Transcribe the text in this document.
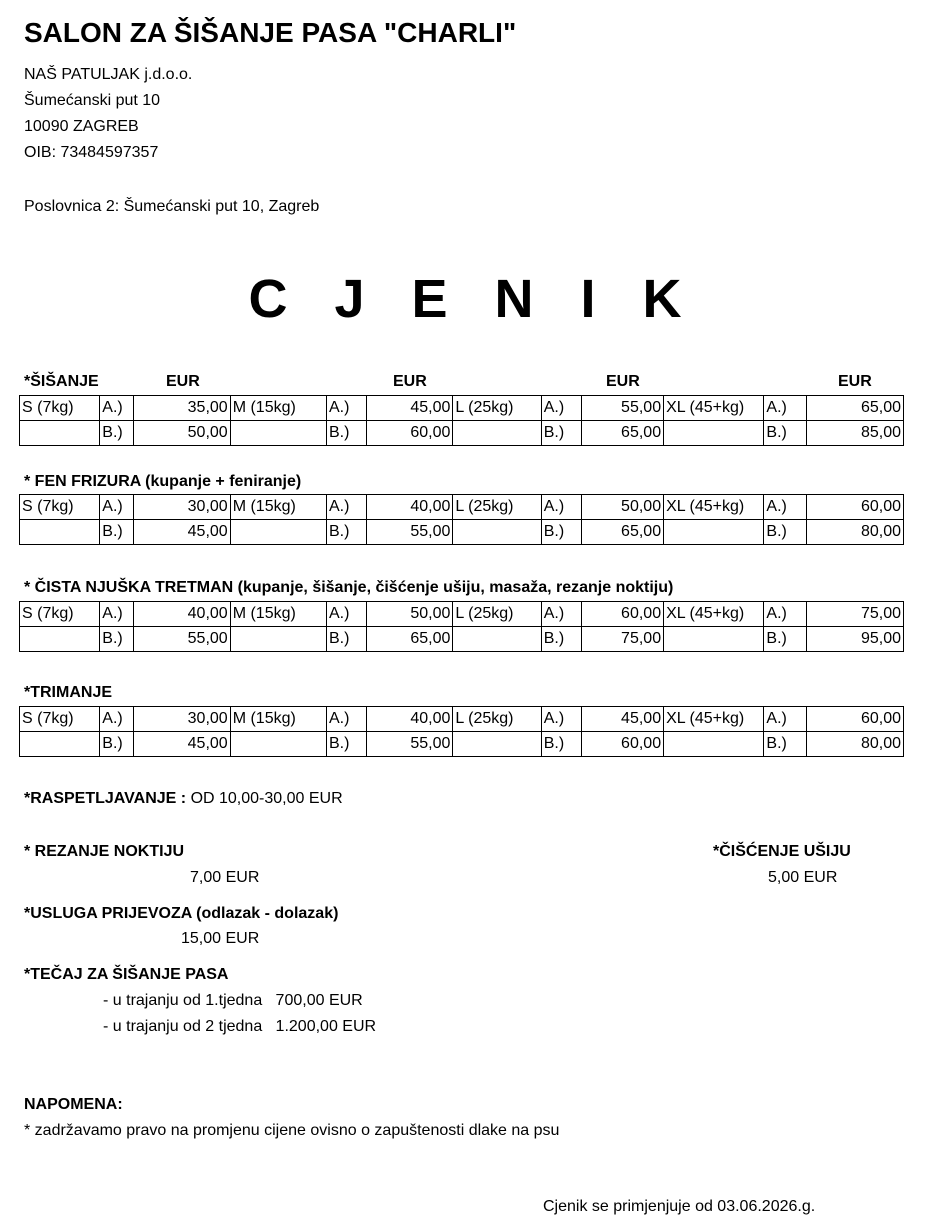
SALON ZA ŠIŠANJE PASA "CHARLI"
NAŠ PATULJAK j.d.o.o.
Šumećanski put 10
10090 ZAGREB
OIB: 73484597357
Poslovnica 2: Šumećanski put 10, Zagreb
C J E N I K
*ŠIŠANJE	EUR	EUR	EUR	EUR
S (7kg)	A.)	35,00	M (15kg)	A.)	45,00	L (25kg)	A.)	55,00	XL (45+kg)	A.)	65,00
	B.)	50,00		B.)	60,00		B.)	65,00		B.)	85,00
* FEN FRIZURA (kupanje + feniranje)
S (7kg)	A.)	30,00	M (15kg)	A.)	40,00	L (25kg)	A.)	50,00	XL (45+kg)	A.)	60,00
	B.)	45,00		B.)	55,00		B.)	65,00		B.)	80,00
* ČISTA NJUŠKA TRETMAN (kupanje, šišanje, čišćenje ušiju, masaža, rezanje noktiju)
S (7kg)	A.)	40,00	M (15kg)	A.)	50,00	L (25kg)	A.)	60,00	XL (45+kg)	A.)	75,00
	B.)	55,00		B.)	65,00		B.)	75,00		B.)	95,00
*TRIMANJE
S (7kg)	A.)	30,00	M (15kg)	A.)	40,00	L (25kg)	A.)	45,00	XL (45+kg)	A.)	60,00
	B.)	45,00		B.)	55,00		B.)	60,00		B.)	80,00
*RASPETLJAVANJE : OD 10,00-30,00 EUR
* REZANJE NOKTIJU
7,00 EUR
*ČIŠĆENJE UŠIJU
5,00 EUR
*USLUGA PRIJEVOZA (odlazak - dolazak)
15,00 EUR
*TEČAJ ZA ŠIŠANJE PASA
- u trajanju od 1.tjedna   700,00 EUR
- u trajanju od 2 tjedna   1.200,00 EUR
NAPOMENA:
* zadržavamo pravo na promjenu cijene ovisno o zapuštenosti dlake na psu
Cjenik se primjenjuje od 03.06.2026.g.
